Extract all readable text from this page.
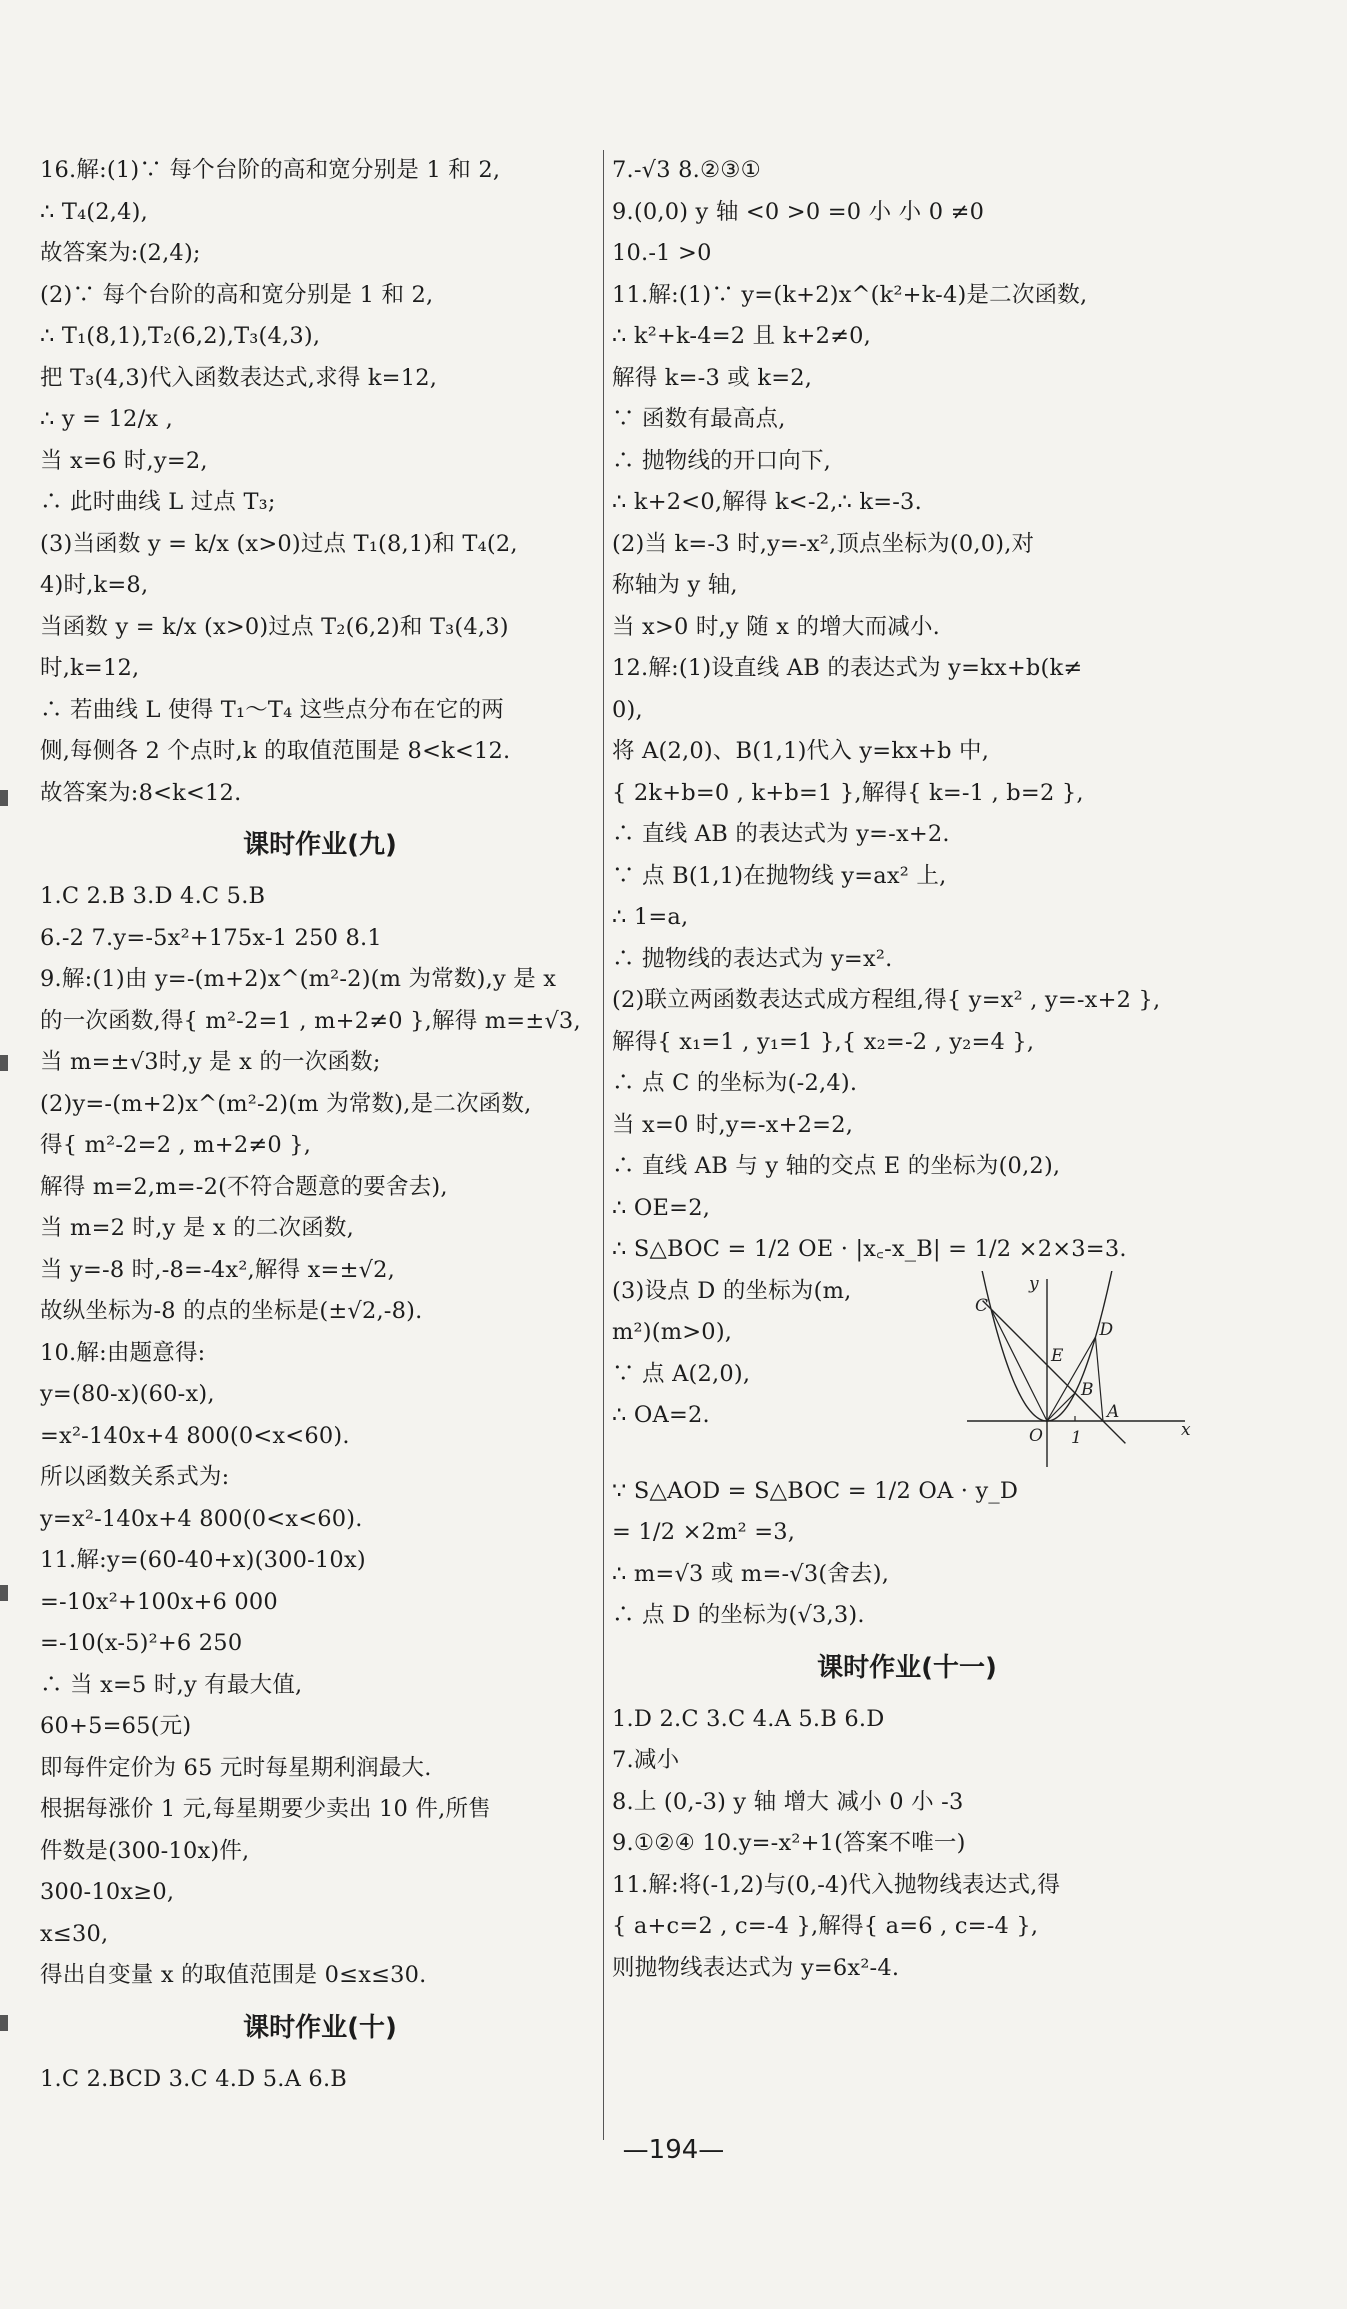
16.解:(1)∵ 每个台阶的高和宽分别是 1 和 2,
∴ T₄(2,4),
故答案为:(2,4);
(2)∵ 每个台阶的高和宽分别是 1 和 2,
∴ T₁(8,1),T₂(6,2),T₃(4,3),
把 T₃(4,3)代入函数表达式,求得 k=12,
∴ y = 12/x ,
当 x=6 时,y=2,
∴ 此时曲线 L 过点 T₃;
(3)当函数 y = k/x (x>0)过点 T₁(8,1)和 T₄(2,
4)时,k=8,
当函数 y = k/x (x>0)过点 T₂(6,2)和 T₃(4,3)
时,k=12,
∴ 若曲线 L 使得 T₁～T₄ 这些点分布在它的两
侧,每侧各 2 个点时,k 的取值范围是 8<k<12.
故答案为:8<k<12.
课时作业(九)
1.C 2.B 3.D 4.C 5.B
6.-2 7.y=-5x²+175x-1 250 8.1
9.解:(1)由 y=-(m+2)x^(m²-2)(m 为常数),y 是 x
的一次函数,得{ m²-2=1 , m+2≠0 },解得 m=±√3,
当 m=±√3时,y 是 x 的一次函数;
(2)y=-(m+2)x^(m²-2)(m 为常数),是二次函数,
得{ m²-2=2 , m+2≠0 },
解得 m=2,m=-2(不符合题意的要舍去),
当 m=2 时,y 是 x 的二次函数,
当 y=-8 时,-8=-4x²,解得 x=±√2,
故纵坐标为-8 的点的坐标是(±√2,-8).
10.解:由题意得:
y=(80-x)(60-x),
=x²-140x+4 800(0<x<60).
所以函数关系式为:
y=x²-140x+4 800(0<x<60).
11.解:y=(60-40+x)(300-10x)
=-10x²+100x+6 000
=-10(x-5)²+6 250
∴ 当 x=5 时,y 有最大值,
60+5=65(元)
即每件定价为 65 元时每星期利润最大.
根据每涨价 1 元,每星期要少卖出 10 件,所售
件数是(300-10x)件,
300-10x≥0,
x≤30,
得出自变量 x 的取值范围是 0≤x≤30.
课时作业(十)
1.C 2.BCD 3.C 4.D 5.A 6.B
7.-√3 8.②③①
9.(0,0) y 轴 <0 >0 =0 小 小 0 ≠0
10.-1 >0
11.解:(1)∵ y=(k+2)x^(k²+k-4)是二次函数,
∴ k²+k-4=2 且 k+2≠0,
解得 k=-3 或 k=2,
∵ 函数有最高点,
∴ 抛物线的开口向下,
∴ k+2<0,解得 k<-2,∴ k=-3.
(2)当 k=-3 时,y=-x²,顶点坐标为(0,0),对
称轴为 y 轴,
当 x>0 时,y 随 x 的增大而减小.
12.解:(1)设直线 AB 的表达式为 y=kx+b(k≠
0),
将 A(2,0)、B(1,1)代入 y=kx+b 中,
{ 2k+b=0 , k+b=1 },解得{ k=-1 , b=2 },
∴ 直线 AB 的表达式为 y=-x+2.
∵ 点 B(1,1)在抛物线 y=ax² 上,
∴ 1=a,
∴ 抛物线的表达式为 y=x².
(2)联立两函数表达式成方程组,得{ y=x² , y=-x+2 },
解得{ x₁=1 , y₁=1 },{ x₂=-2 , y₂=4 },
∴ 点 C 的坐标为(-2,4).
当 x=0 时,y=-x+2=2,
∴ 直线 AB 与 y 轴的交点 E 的坐标为(0,2),
∴ OE=2,
∴ S△BOC = 1/2 OE · |x꜀-x_B| = 1/2 ×2×3=3.
(3)设点 D 的坐标为(m,
m²)(m>0),
∵ 点 A(2,0),
∴ OA=2.
y
x
O 1
A
B
C
D
E
∵ S△AOD = S△BOC = 1/2 OA · y_D
= 1/2 ×2m² =3,
∴ m=√3 或 m=-√3(舍去),
∴ 点 D 的坐标为(√3,3).
课时作业(十一)
1.D 2.C 3.C 4.A 5.B 6.D
7.减小
8.上 (0,-3) y 轴 增大 减小 0 小 -3
9.①②④ 10.y=-x²+1(答案不唯一)
11.解:将(-1,2)与(0,-4)代入抛物线表达式,得
{ a+c=2 , c=-4 },解得{ a=6 , c=-4 },
则抛物线表达式为 y=6x²-4.
—194—
